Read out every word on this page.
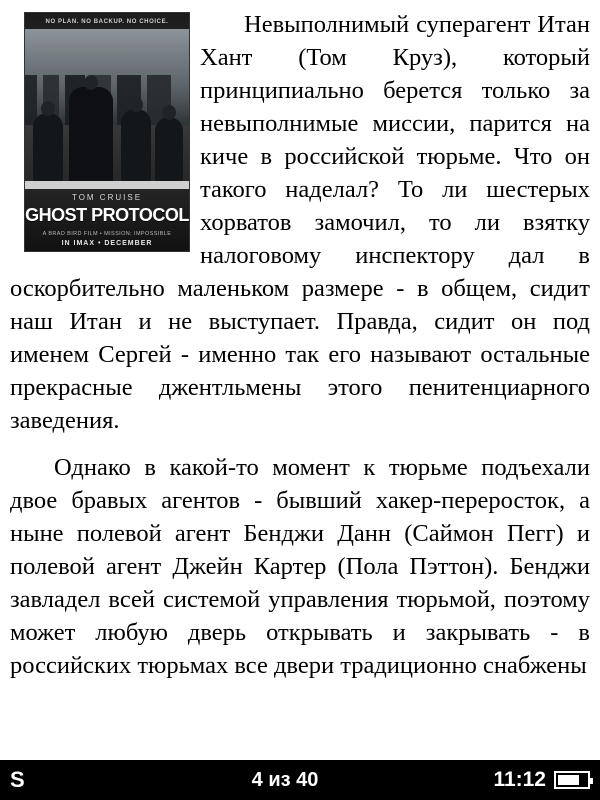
NO PLAN. NO BACKUP. NO CHOICE.
TOM CRUISE
GHOST PROTOCOL
A BRAD BIRD FILM • MISSION: IMPOSSIBLE
IN IMAX • DECEMBER

Невыполнимый суперагент Итан Хант (Том Круз), который принципиально берется только за невыполнимые миссии, парится на киче в российской тюрьме. Что он такого наделал? То ли шестерых хорватов замочил, то ли взятку налоговому инспектору дал в оскорбительно маленьком размере - в общем, сидит наш Итан и не выступает. Правда, сидит он под именем Сергей - именно так его называют остальные прекрасные джентльмены этого пенитенциарного заведения.

Однако в какой-то момент к тюрьме подъехали двое бравых агентов - бывший хакер-переросток, а ныне полевой агент Бенджи Данн (Саймон Пегг) и полевой агент Джейн Картер (Пола Пэттон). Бенджи завладел всей системой управления тюрьмой, поэтому может любую дверь открывать и закрывать - в российских тюрьмах все двери традиционно снабжены

S	4 из 40	11:12
